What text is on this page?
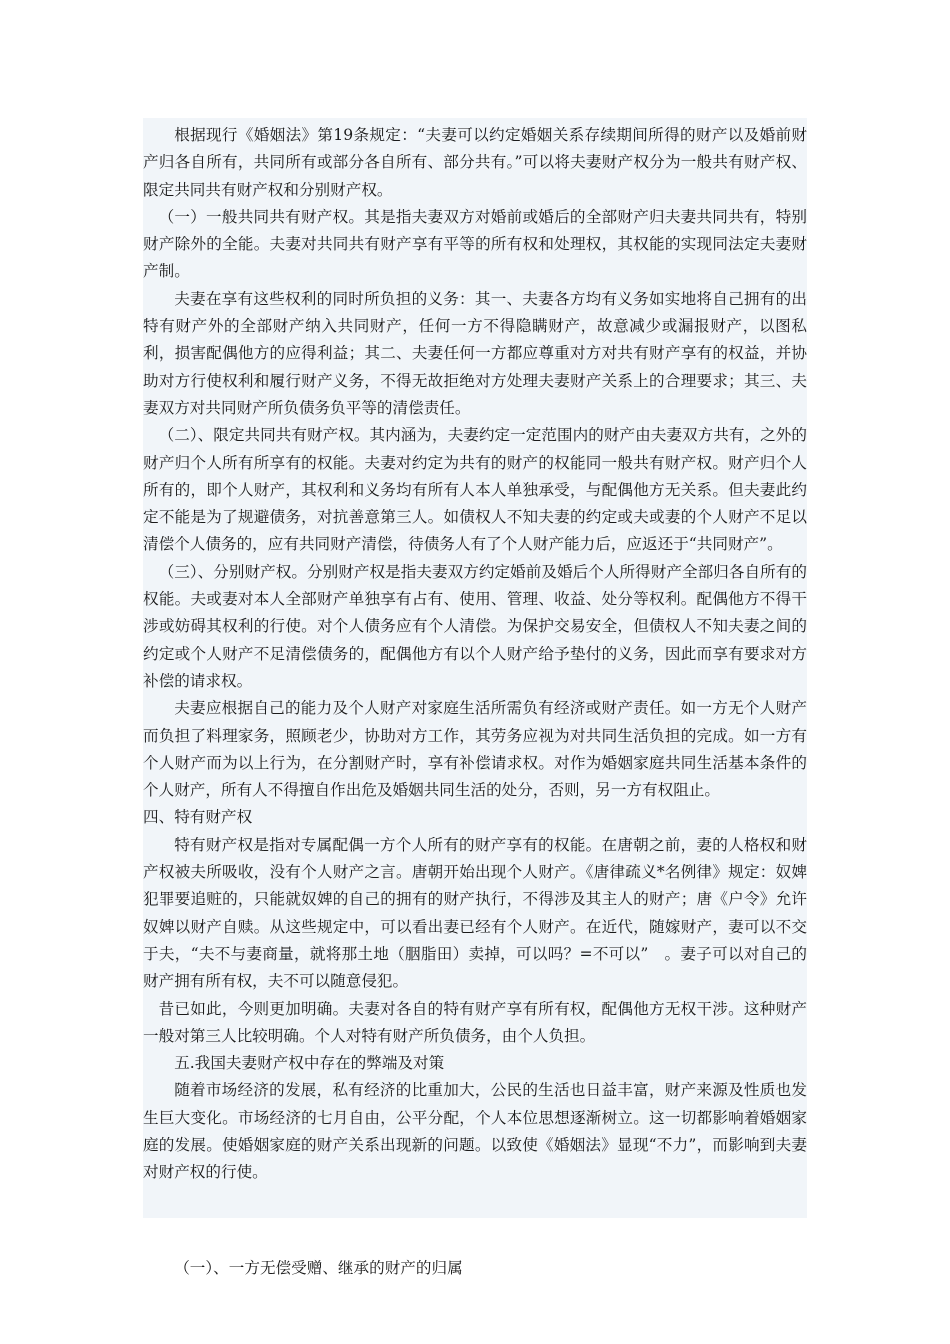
根据现行《婚姻法》第19条规定：“夫妻可以约定婚姻关系存续期间所得的财产以及婚前财产归各自所有，共同所有或部分各自所有、部分共有。”可以将夫妻财产权分为一般共有财产权、限定共同共有财产权和分别财产权。

（一）一般共同共有财产权。其是指夫妻双方对婚前或婚后的全部财产归夫妻共同共有，特别财产除外的全能。夫妻对共同共有财产享有平等的所有权和处理权，其权能的实现同法定夫妻财产制。

夫妻在享有这些权利的同时所负担的义务：其一、夫妻各方均有义务如实地将自己拥有的出特有财产外的全部财产纳入共同财产，任何一方不得隐瞒财产，故意减少或漏报财产，以图私利，损害配偶他方的应得利益；其二、夫妻任何一方都应尊重对方对共有财产享有的权益，并协助对方行使权利和履行财产义务，不得无故拒绝对方处理夫妻财产关系上的合理要求；其三、夫妻双方对共同财产所负债务负平等的清偿责任。

（二）、限定共同共有财产权。其内涵为，夫妻约定一定范围内的财产由夫妻双方共有，之外的财产归个人所有所享有的权能。夫妻对约定为共有的财产的权能同一般共有财产权。财产归个人所有的，即个人财产，其权利和义务均有所有人本人单独承受，与配偶他方无关系。但夫妻此约定不能是为了规避债务，对抗善意第三人。如债权人不知夫妻的约定或夫或妻的个人财产不足以清偿个人债务的，应有共同财产清偿，待债务人有了个人财产能力后，应返还于“共同财产”。

（三）、分别财产权。分别财产权是指夫妻双方约定婚前及婚后个人所得财产全部归各自所有的权能。夫或妻对本人全部财产单独享有占有、使用、管理、收益、处分等权利。配偶他方不得干涉或妨碍其权利的行使。对个人债务应有个人清偿。为保护交易安全，但债权人不知夫妻之间的约定或个人财产不足清偿债务的，配偶他方有以个人财产给予垫付的义务，因此而享有要求对方补偿的请求权。

夫妻应根据自己的能力及个人财产对家庭生活所需负有经济或财产责任。如一方无个人财产而负担了料理家务，照顾老少，协助对方工作，其劳务应视为对共同生活负担的完成。如一方有个人财产而为以上行为，在分割财产时，享有补偿请求权。对作为婚姻家庭共同生活基本条件的个人财产，所有人不得擅自作出危及婚姻共同生活的处分，否则，另一方有权阻止。

四、特有财产权

特有财产权是指对专属配偶一方个人所有的财产享有的权能。在唐朝之前，妻的人格权和财产权被夫所吸收，没有个人财产之言。唐朝开始出现个人财产。《唐律疏义*名例律》规定：奴婢犯罪要追赃的，只能就奴婢的自己的拥有的财产执行，不得涉及其主人的财产；唐《户令》允许奴婢以财产自赎。从这些规定中，可以看出妻已经有个人财产。在近代，随嫁财产，妻可以不交于夫，“夫不与妻商量，就将那土地（胭脂田）卖掉，可以吗？=不可以”　。妻子可以对自己的财产拥有所有权，夫不可以随意侵犯。

昔已如此，今则更加明确。夫妻对各自的特有财产享有所有权，配偶他方无权干涉。这种财产一般对第三人比较明确。个人对特有财产所负债务，由个人负担。

五.我国夫妻财产权中存在的弊端及对策

随着市场经济的发展，私有经济的比重加大，公民的生活也日益丰富，财产来源及性质也发生巨大变化。市场经济的七月自由，公平分配，个人本位思想逐渐树立。这一切都影响着婚姻家庭的发展。使婚姻家庭的财产关系出现新的问题。以致使《婚姻法》显现“不力”，而影响到夫妻对财产权的行使。

（一）、一方无偿受赠、继承的财产的归属
